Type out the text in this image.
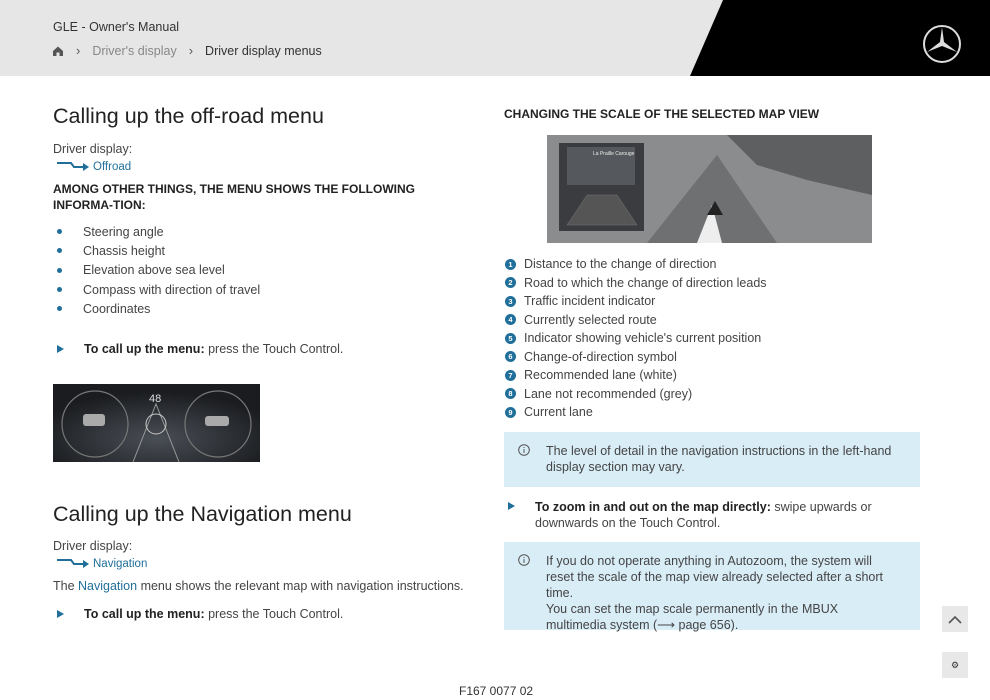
GLE - Owner's Manual
› Driver's display › Driver display menus
Calling up the off-road menu
Driver display:
Offroad
AMONG OTHER THINGS, THE MENU SHOWS THE FOLLOWING INFORMA-TION:
Steering angle
Chassis height
Elevation above sea level
Compass with direction of travel
Coordinates
To call up the menu: press the Touch Control.
48
Calling up the Navigation menu
Driver display:
Navigation
The Navigation menu shows the relevant map with navigation instructions.
To call up the menu: press the Touch Control.
CHANGING THE SCALE OF THE SELECTED MAP VIEW
La Praille Carouge
1 Distance to the change of direction
2 Road to which the change of direction leads
3 Traffic incident indicator
4 Currently selected route
5 Indicator showing vehicle's current position
6 Change-of-direction symbol
7 Recommended lane (white)
8 Lane not recommended (grey)
9 Current lane
The level of detail in the navigation instructions in the left-hand display section may vary.
To zoom in and out on the map directly: swipe upwards or downwards on the Touch Control.
If you do not operate anything in Autozoom, the system will reset the scale of the map view already selected after a short time.
You can set the map scale permanently in the MBUX multimedia system (⟶ page 656).
⚙
F167 0077 02
